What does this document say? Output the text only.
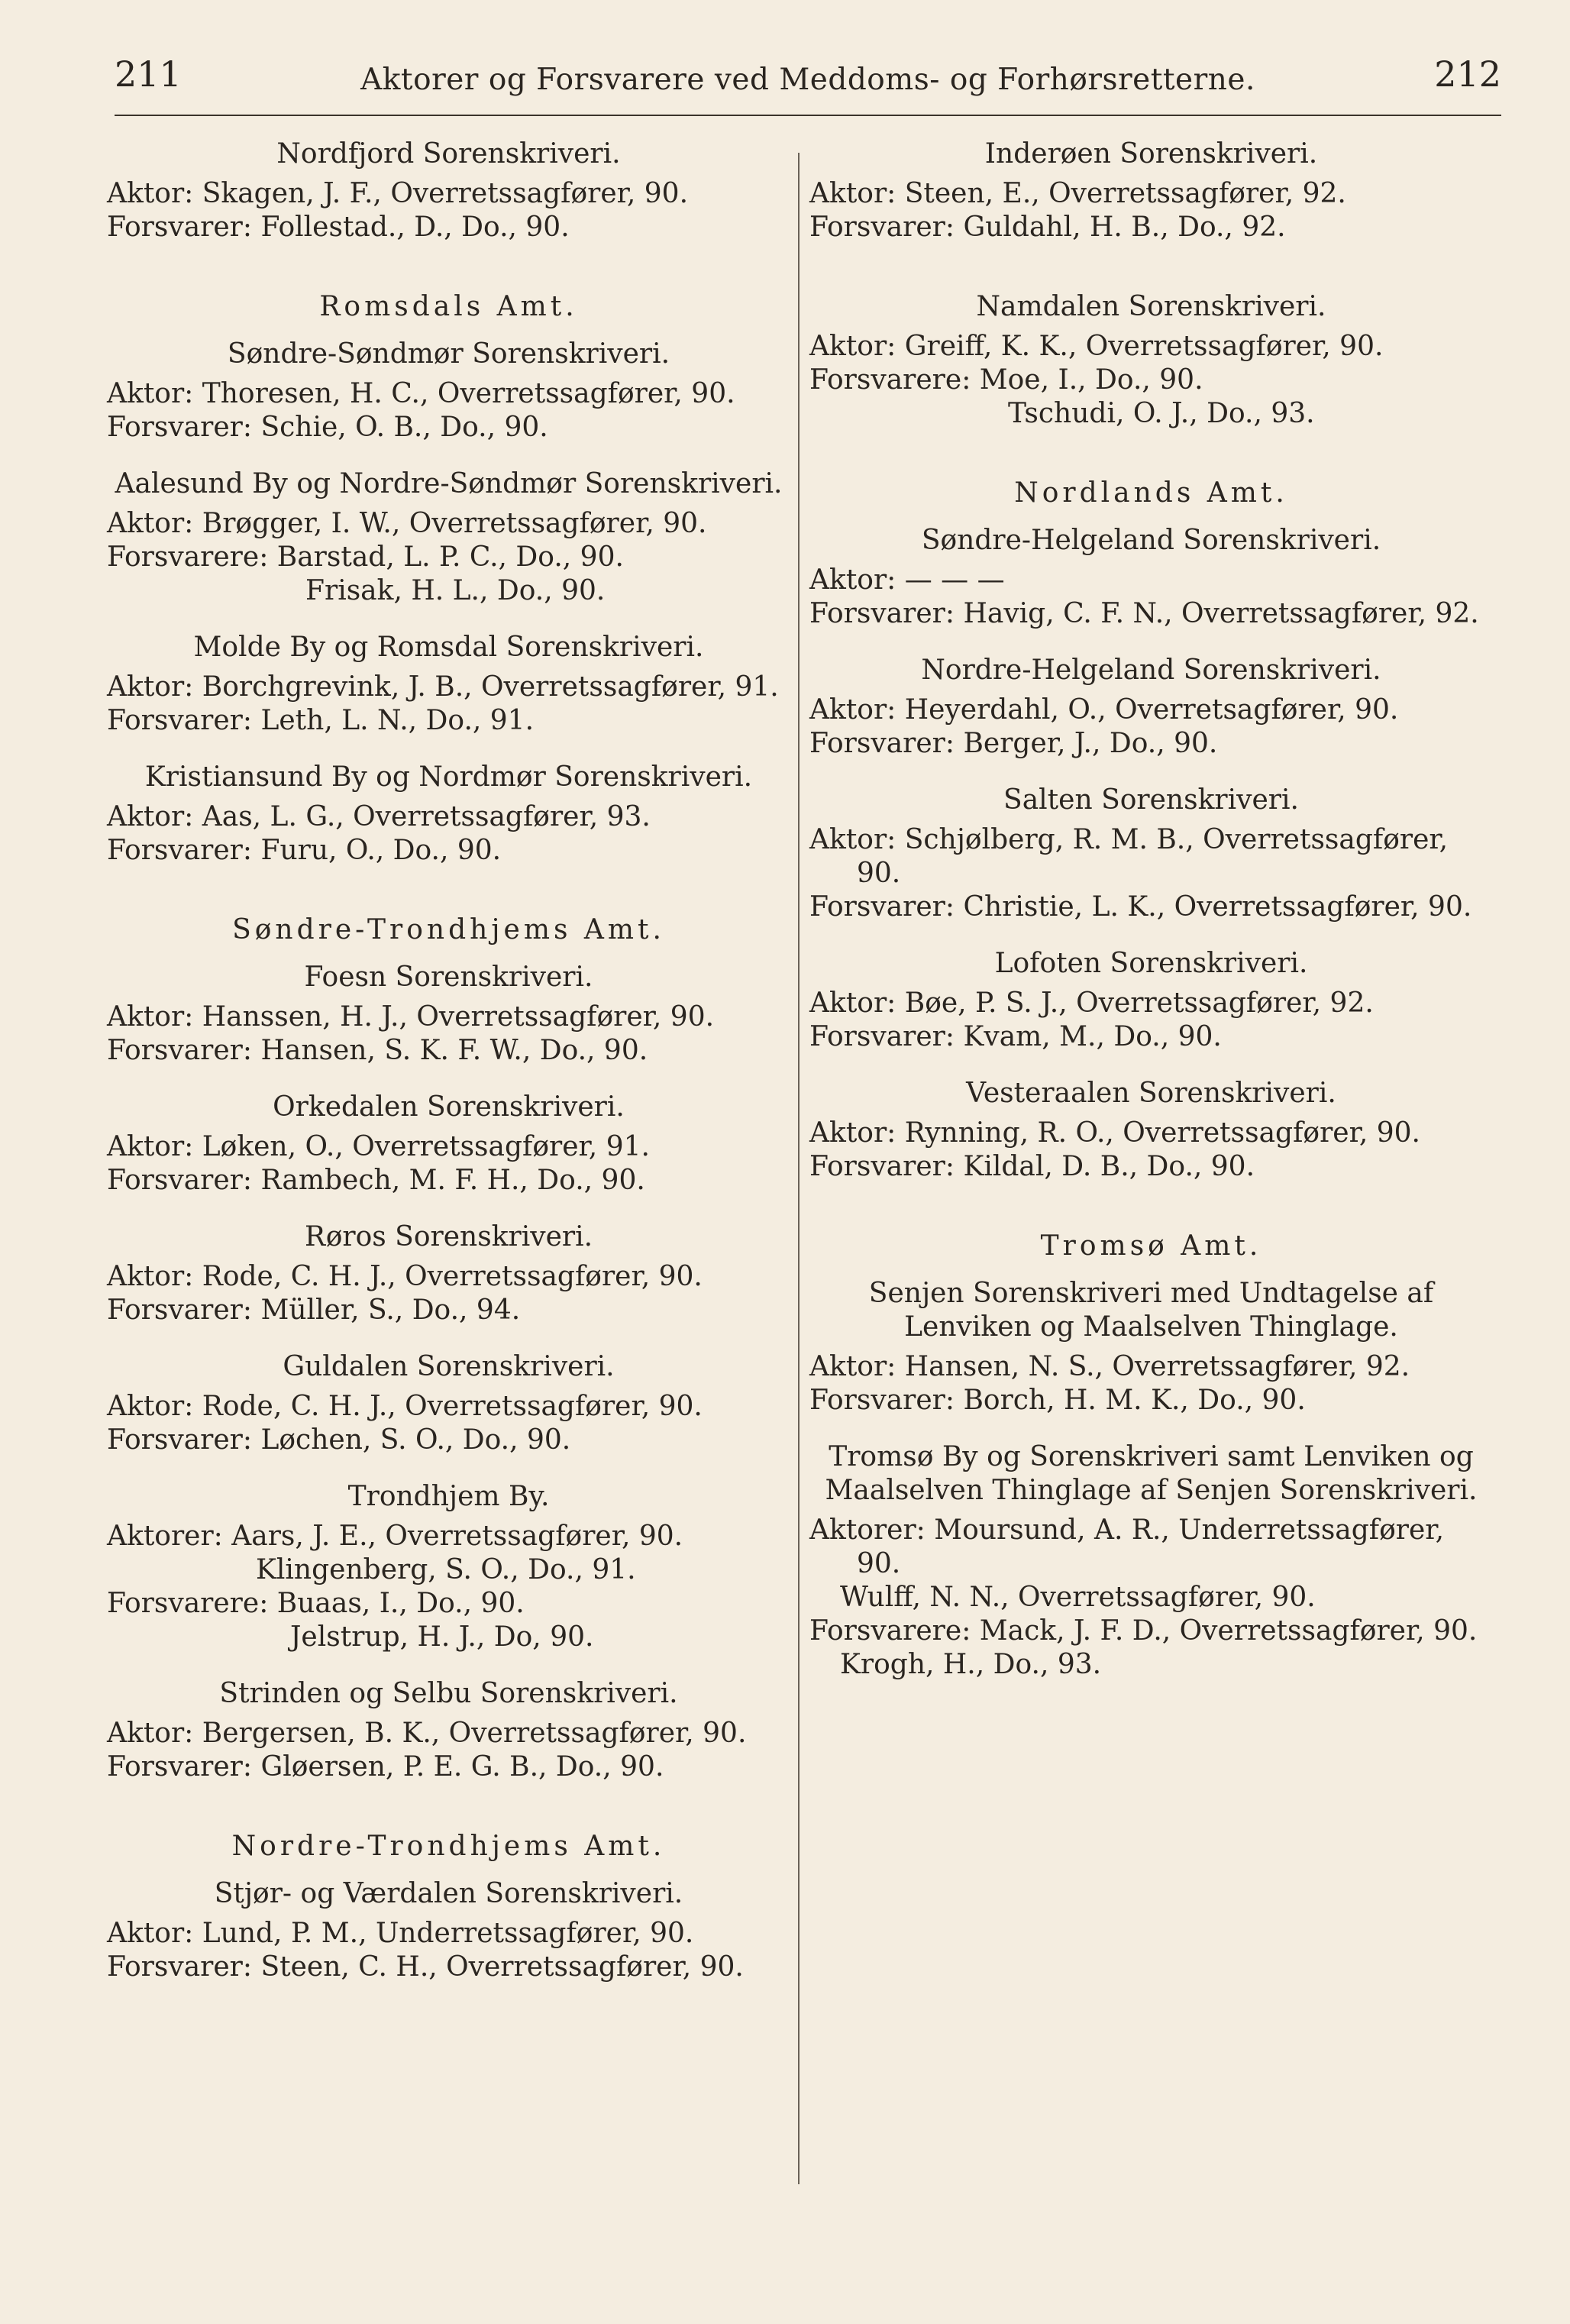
211	Aktorer og Forsvarere ved Meddoms- og Forhørsretterne.	212
Nordfjord Sorenskriveri.
Aktor: Skagen, J. F., Overretssagfører, 90.
Forsvarer: Follestad., D., Do., 90.
Romsdals Amt.
Søndre-Søndmør Sorenskriveri.
Aktor: Thoresen, H. C., Overretssagfører, 90.
Forsvarer: Schie, O. B., Do., 90.
Aalesund By og Nordre-Søndmør Sorenskriveri.
Aktor: Brøgger, I. W., Overretssagfører, 90.
Forsvarere: Barstad, L. P. C., Do., 90.
Frisak, H. L., Do., 90.
Molde By og Romsdal Sorenskriveri.
Aktor: Borchgrevink, J. B., Overretssagfører, 91.
Forsvarer: Leth, L. N., Do., 91.
Kristiansund By og Nordmør Sorenskriveri.
Aktor: Aas, L. G., Overretssagfører, 93.
Forsvarer: Furu, O., Do., 90.
Søndre-Trondhjems Amt.
Foesn Sorenskriveri.
Aktor: Hanssen, H. J., Overretssagfører, 90.
Forsvarer: Hansen, S. K. F. W., Do., 90.
Orkedalen Sorenskriveri.
Aktor: Løken, O., Overretssagfører, 91.
Forsvarer: Rambech, M. F. H., Do., 90.
Røros Sorenskriveri.
Aktor: Rode, C. H. J., Overretssagfører, 90.
Forsvarer: Müller, S., Do., 94.
Guldalen Sorenskriveri.
Aktor: Rode, C. H. J., Overretssagfører, 90.
Forsvarer: Løchen, S. O., Do., 90.
Trondhjem By.
Aktorer: Aars, J. E., Overretssagfører, 90.
Klingenberg, S. O., Do., 91.
Forsvarere: Buaas, I., Do., 90.
Jelstrup, H. J., Do, 90.
Strinden og Selbu Sorenskriveri.
Aktor: Bergersen, B. K., Overretssagfører, 90.
Forsvarer: Gløersen, P. E. G. B., Do., 90.
Nordre-Trondhjems Amt.
Stjør- og Værdalen Sorenskriveri.
Aktor: Lund, P. M., Underretssagfører, 90.
Forsvarer: Steen, C. H., Overretssagfører, 90.
Inderøen Sorenskriveri.
Aktor: Steen, E., Overretssagfører, 92.
Forsvarer: Guldahl, H. B., Do., 92.
Namdalen Sorenskriveri.
Aktor: Greiff, K. K., Overretssagfører, 90.
Forsvarere: Moe, I., Do., 90.
Tschudi, O. J., Do., 93.
Nordlands Amt.
Søndre-Helgeland Sorenskriveri.
Aktor: — — —
Forsvarer: Havig, C. F. N., Overretssagfører, 92.
Nordre-Helgeland Sorenskriveri.
Aktor: Heyerdahl, O., Overretsagfører, 90.
Forsvarer: Berger, J., Do., 90.
Salten Sorenskriveri.
Aktor: Schjølberg, R. M. B., Overretssagfører, 90.
Forsvarer: Christie, L. K., Overretssagfører, 90.
Lofoten Sorenskriveri.
Aktor: Bøe, P. S. J., Overretssagfører, 92.
Forsvarer: Kvam, M., Do., 90.
Vesteraalen Sorenskriveri.
Aktor: Rynning, R. O., Overretssagfører, 90.
Forsvarer: Kildal, D. B., Do., 90.
Tromsø Amt.
Senjen Sorenskriveri med Undtagelse af Lenviken og Maalselven Thinglage.
Aktor: Hansen, N. S., Overretssagfører, 92.
Forsvarer: Borch, H. M. K., Do., 90.
Tromsø By og Sorenskriveri samt Lenviken og Maalselven Thinglage af Senjen Sorenskriveri.
Aktorer: Moursund, A. R., Underretssagfører, 90.
Wulff, N. N., Overretssagfører, 90.
Forsvarere: Mack, J. F. D., Overretssagfører, 90.
Krogh, H., Do., 93.
